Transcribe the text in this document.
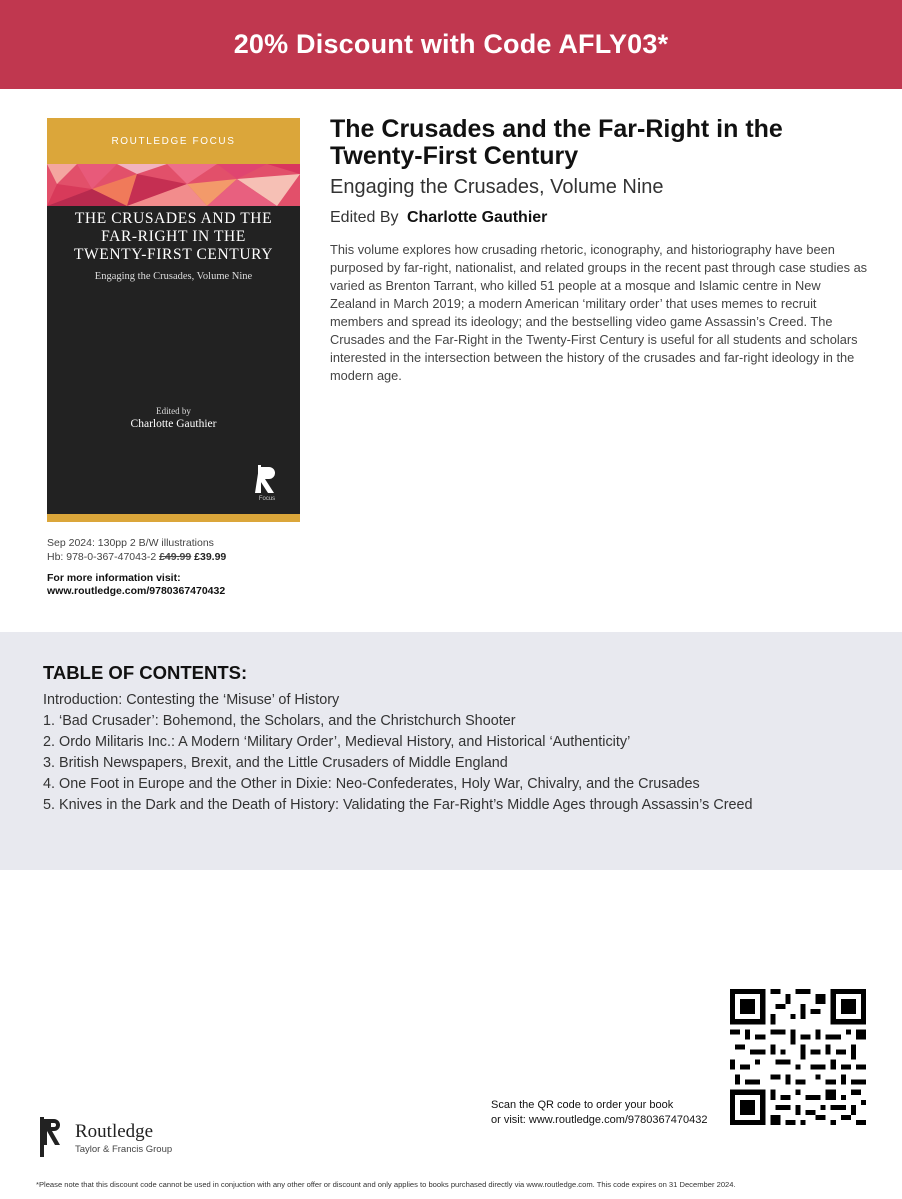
20% Discount with Code AFLY03*
ROUTLEDGE FOCUS
THE CRUSADES AND THE
FAR-RIGHT IN THE
TWENTY-FIRST CENTURY
Engaging the Crusades, Volume Nine
Edited by
Charlotte Gauthier
Focus
Sep 2024: 130pp 2 B/W illustrations
Hb: 978-0-367-47043-2 £49.99 £39.99
For more information visit:
www.routledge.com/9780367470432
The Crusades and the Far-Right in the Twenty-First Century
Engaging the Crusades, Volume Nine
Edited By Charlotte Gauthier
This volume explores how crusading rhetoric, iconography, and historiography have been purposed by far-right, nationalist, and related groups in the recent past through case studies as varied as Brenton Tarrant, who killed 51 people at a mosque and Islamic centre in New Zealand in March 2019; a modern American ‘military order’ that uses memes to recruit members and spread its ideology; and the bestselling video game Assassin’s Creed. The Crusades and the Far-Right in the Twenty-First Century is useful for all students and scholars interested in the intersection between the history of the crusades and far-right ideology in the modern age.
TABLE OF CONTENTS:
Introduction: Contesting the ‘Misuse’ of History
1. ‘Bad Crusader’: Bohemond, the Scholars, and the Christchurch Shooter
2. Ordo Militaris Inc.: A Modern ‘Military Order’, Medieval History, and Historical ‘Authenticity’
3. British Newspapers, Brexit, and the Little Crusaders of Middle England
4. One Foot in Europe and the Other in Dixie: Neo-Confederates, Holy War, Chivalry, and the Crusades
5. Knives in the Dark and the Death of History: Validating the Far-Right’s Middle Ages through Assassin’s Creed
Scan the QR code to order your book
or visit: www.routledge.com/9780367470432
Routledge
Taylor & Francis Group
*Please note that this discount code cannot be used in conjuction with any other offer or discount and only applies to books purchased directly via www.routledge.com. This code expires on 31 December 2024.
